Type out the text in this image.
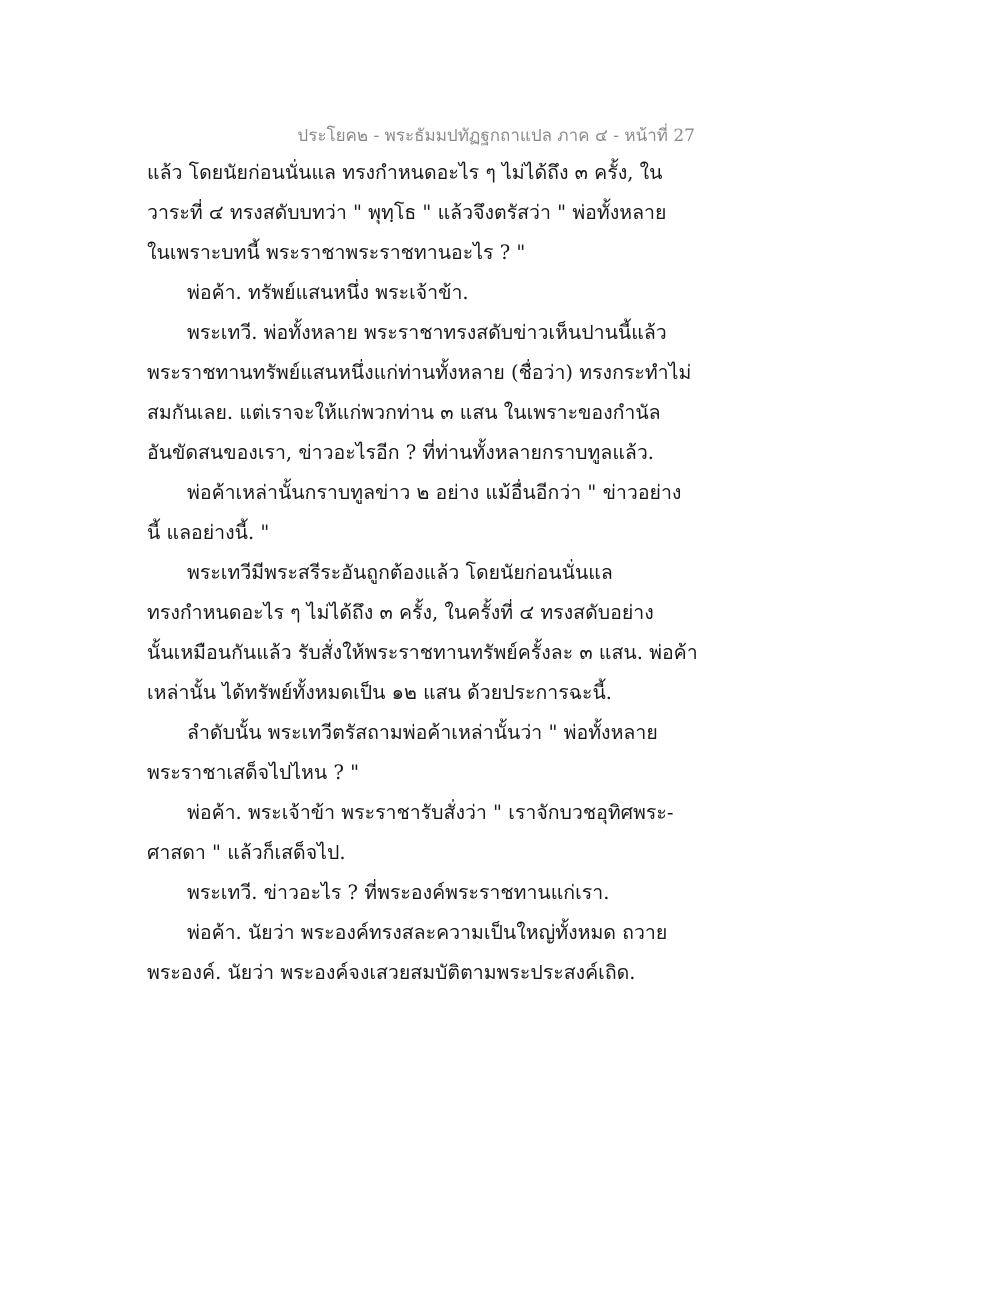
ประโยค๒ - พระธัมมปทัฏฐกถาแปล ภาค ๔ - หน้าที่ 27
แล้ว โดยนัยก่อนนั่นแล ทรงกำหนดอะไร ๆ ไม่ได้ถึง ๓ ครั้ง, ใน
วาระที่ ๔ ทรงสดับบทว่า " พุทฺโธ " แล้วจึงตรัสว่า " พ่อทั้งหลาย
ในเพราะบทนี้ พระราชาพระราชทานอะไร ? "
พ่อค้า. ทรัพย์แสนหนึ่ง พระเจ้าข้า.
พระเทวี. พ่อทั้งหลาย พระราชาทรงสดับข่าวเห็นปานนี้แล้ว
พระราชทานทรัพย์แสนหนึ่งแก่ท่านทั้งหลาย (ชื่อว่า) ทรงกระทำไม่
สมกันเลย. แต่เราจะให้แก่พวกท่าน ๓ แสน ในเพราะของกำนัล
อันขัดสนของเรา, ข่าวอะไรอีก ? ที่ท่านทั้งหลายกราบทูลแล้ว.
พ่อค้าเหล่านั้นกราบทูลข่าว ๒ อย่าง แม้อื่นอีกว่า " ข่าวอย่าง
นี้ แลอย่างนี้. "
พระเทวีมีพระสรีระอันถูกต้องแล้ว โดยนัยก่อนนั่นแล
ทรงกำหนดอะไร ๆ ไม่ได้ถึง ๓ ครั้ง, ในครั้งที่ ๔ ทรงสดับอย่าง
นั้นเหมือนกันแล้ว รับสั่งให้พระราชทานทรัพย์ครั้งละ ๓ แสน. พ่อค้า
เหล่านั้น ได้ทรัพย์ทั้งหมดเป็น ๑๒ แสน ด้วยประการฉะนี้.
ลำดับนั้น พระเทวีตรัสถามพ่อค้าเหล่านั้นว่า " พ่อทั้งหลาย
พระราชาเสด็จไปไหน ? "
พ่อค้า. พระเจ้าข้า พระราชารับสั่งว่า " เราจักบวชอุทิศพระ-
ศาสดา " แล้วก็เสด็จไป.
พระเทวี. ข่าวอะไร ? ที่พระองค์พระราชทานแก่เรา.
พ่อค้า. นัยว่า พระองค์ทรงสละความเป็นใหญ่ทั้งหมด ถวาย
พระองค์. นัยว่า พระองค์จงเสวยสมบัติตามพระประสงค์เถิด.
